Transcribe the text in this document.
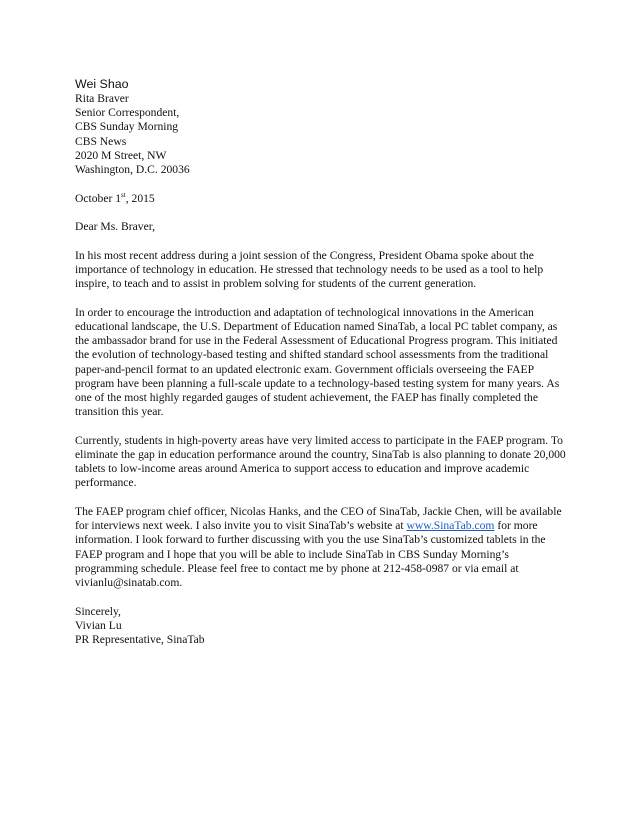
Wei Shao

Rita Braver
Senior Correspondent,
CBS Sunday Morning
CBS News
2020 M Street, NW
Washington, D.C. 20036
October 1st, 2015
Dear Ms. Braver,
In his most recent address during a joint session of the Congress, President Obama spoke about the
importance of technology in education. He stressed that technology needs to be used as a tool to help
inspire, to teach and to assist in problem solving for students of the current generation.
In order to encourage the introduction and adaptation of technological innovations in the American
educational landscape, the U.S. Department of Education named SinaTab, a local PC tablet company, as
the ambassador brand for use in the Federal Assessment of Educational Progress program. This initiated
the evolution of technology-based testing and shifted standard school assessments from the traditional
paper-and-pencil format to an updated electronic exam. Government officials overseeing the FAEP
program have been planning a full-scale update to a technology-based testing system for many years. As
one of the most highly regarded gauges of student achievement, the FAEP has finally completed the
transition this year.
Currently, students in high-poverty areas have very limited access to participate in the FAEP program. To
eliminate the gap in education performance around the country, SinaTab is also planning to donate 20,000
tablets to low-income areas around America to support access to education and improve academic
performance.
The FAEP program chief officer, Nicolas Hanks, and the CEO of SinaTab, Jackie Chen, will be available
for interviews next week. I also invite you to visit SinaTab’s website at www.SinaTab.com for more
information. I look forward to further discussing with you the use SinaTab’s customized tablets in the
FAEP program and I hope that you will be able to include SinaTab in CBS Sunday Morning’s
programming schedule. Please feel free to contact me by phone at 212-458-0987 or via email at
vivianlu@sinatab.com.
Sincerely,
Vivian Lu
PR Representative, SinaTab
